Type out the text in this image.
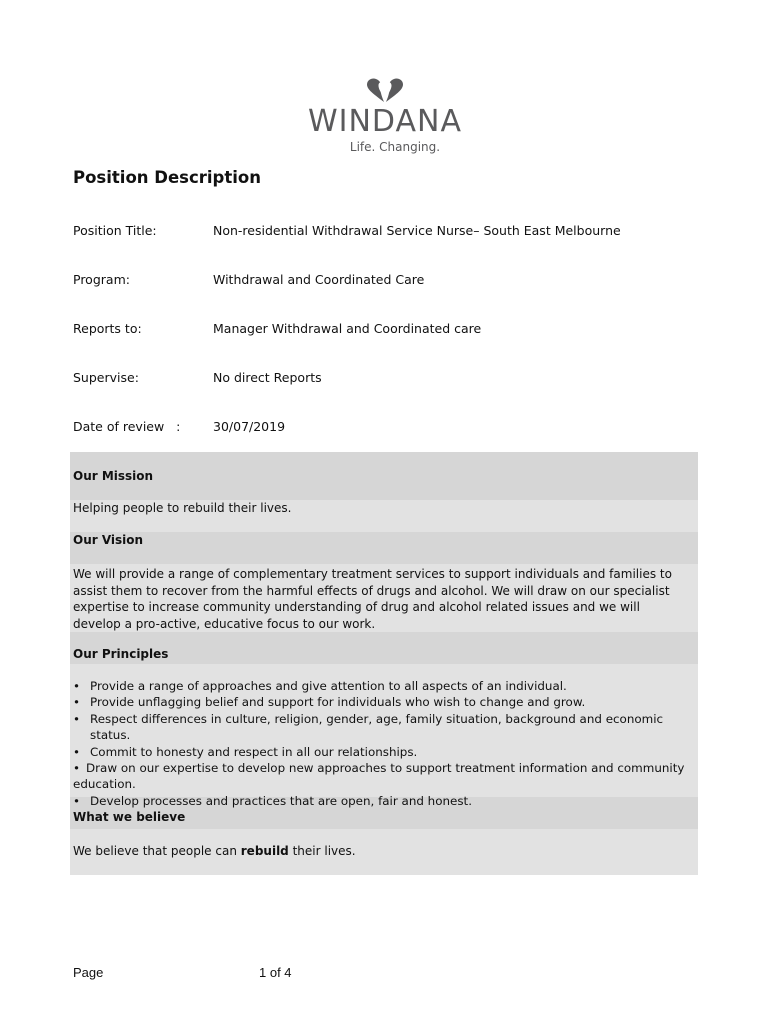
WINDANA
Life. Changing.
Position Description
Position Title:	Non-residential Withdrawal Service Nurse– South East Melbourne
Program:	Withdrawal and Coordinated Care
Reports to:	Manager Withdrawal and Coordinated care
Supervise:	No direct Reports
Date of review   :	30/07/2019
Our Mission
Helping people to rebuild their lives.
Our Vision
We will provide a range of complementary treatment services to support individuals and families to assist them to recover from the harmful effects of drugs and alcohol. We will draw on our specialist expertise to increase community understanding of drug and alcohol related issues and we will develop a pro-active, educative focus to our work.
Our Principles
• Provide a range of approaches and give attention to all aspects of an individual.
• Provide unflagging belief and support for individuals who wish to change and grow.
• Respect differences in culture, religion, gender, age, family situation, background and economic status.
• Commit to honesty and respect in all our relationships.
• Draw on our expertise to develop new approaches to support treatment information and community education.
• Develop processes and practices that are open, fair and honest.
What we believe
We believe that people can rebuild their lives.
Page	1 of 4
